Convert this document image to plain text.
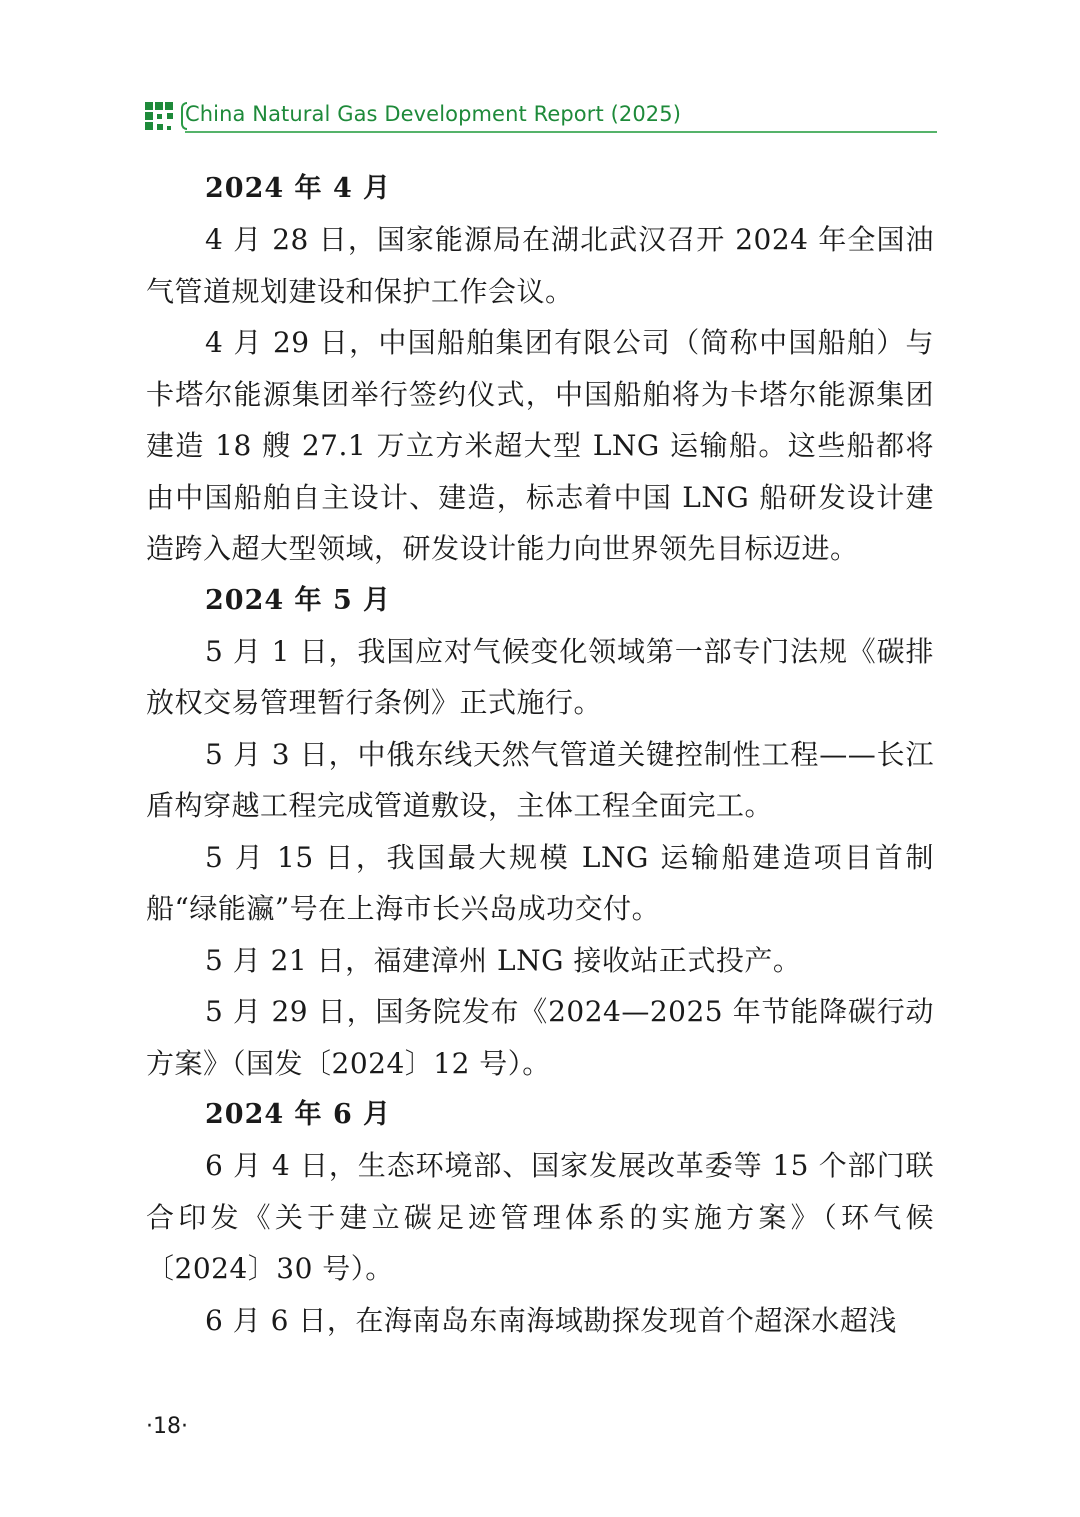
China Natural Gas Development Report (2025)

2024 年 4 月

4 月 28 日，国家能源局在湖北武汉召开 2024 年全国油气管道规划建设和保护工作会议。

4 月 29 日，中国船舶集团有限公司（简称中国船舶）与卡塔尔能源集团举行签约仪式，中国船舶将为卡塔尔能源集团建造 18 艘 27.1 万立方米超大型 LNG 运输船。这些船都将由中国船舶自主设计、建造，标志着中国 LNG 船研发设计建造跨入超大型领域，研发设计能力向世界领先目标迈进。

2024 年 5 月

5 月 1 日，我国应对气候变化领域第一部专门法规《碳排放权交易管理暂行条例》正式施行。

5 月 3 日，中俄东线天然气管道关键控制性工程——长江盾构穿越工程完成管道敷设，主体工程全面完工。

5 月 15 日，我国最大规模 LNG 运输船建造项目首制船“绿能瀛”号在上海市长兴岛成功交付。

5 月 21 日，福建漳州 LNG 接收站正式投产。

5 月 29 日，国务院发布《2024—2025 年节能降碳行动方案》（国发〔2024〕12 号）。

2024 年 6 月

6 月 4 日，生态环境部、国家发展改革委等 15 个部门联合印发《关于建立碳足迹管理体系的实施方案》（环气候〔2024〕30 号）。

6 月 6 日，在海南岛东南海域勘探发现首个超深水超浅

·18·
